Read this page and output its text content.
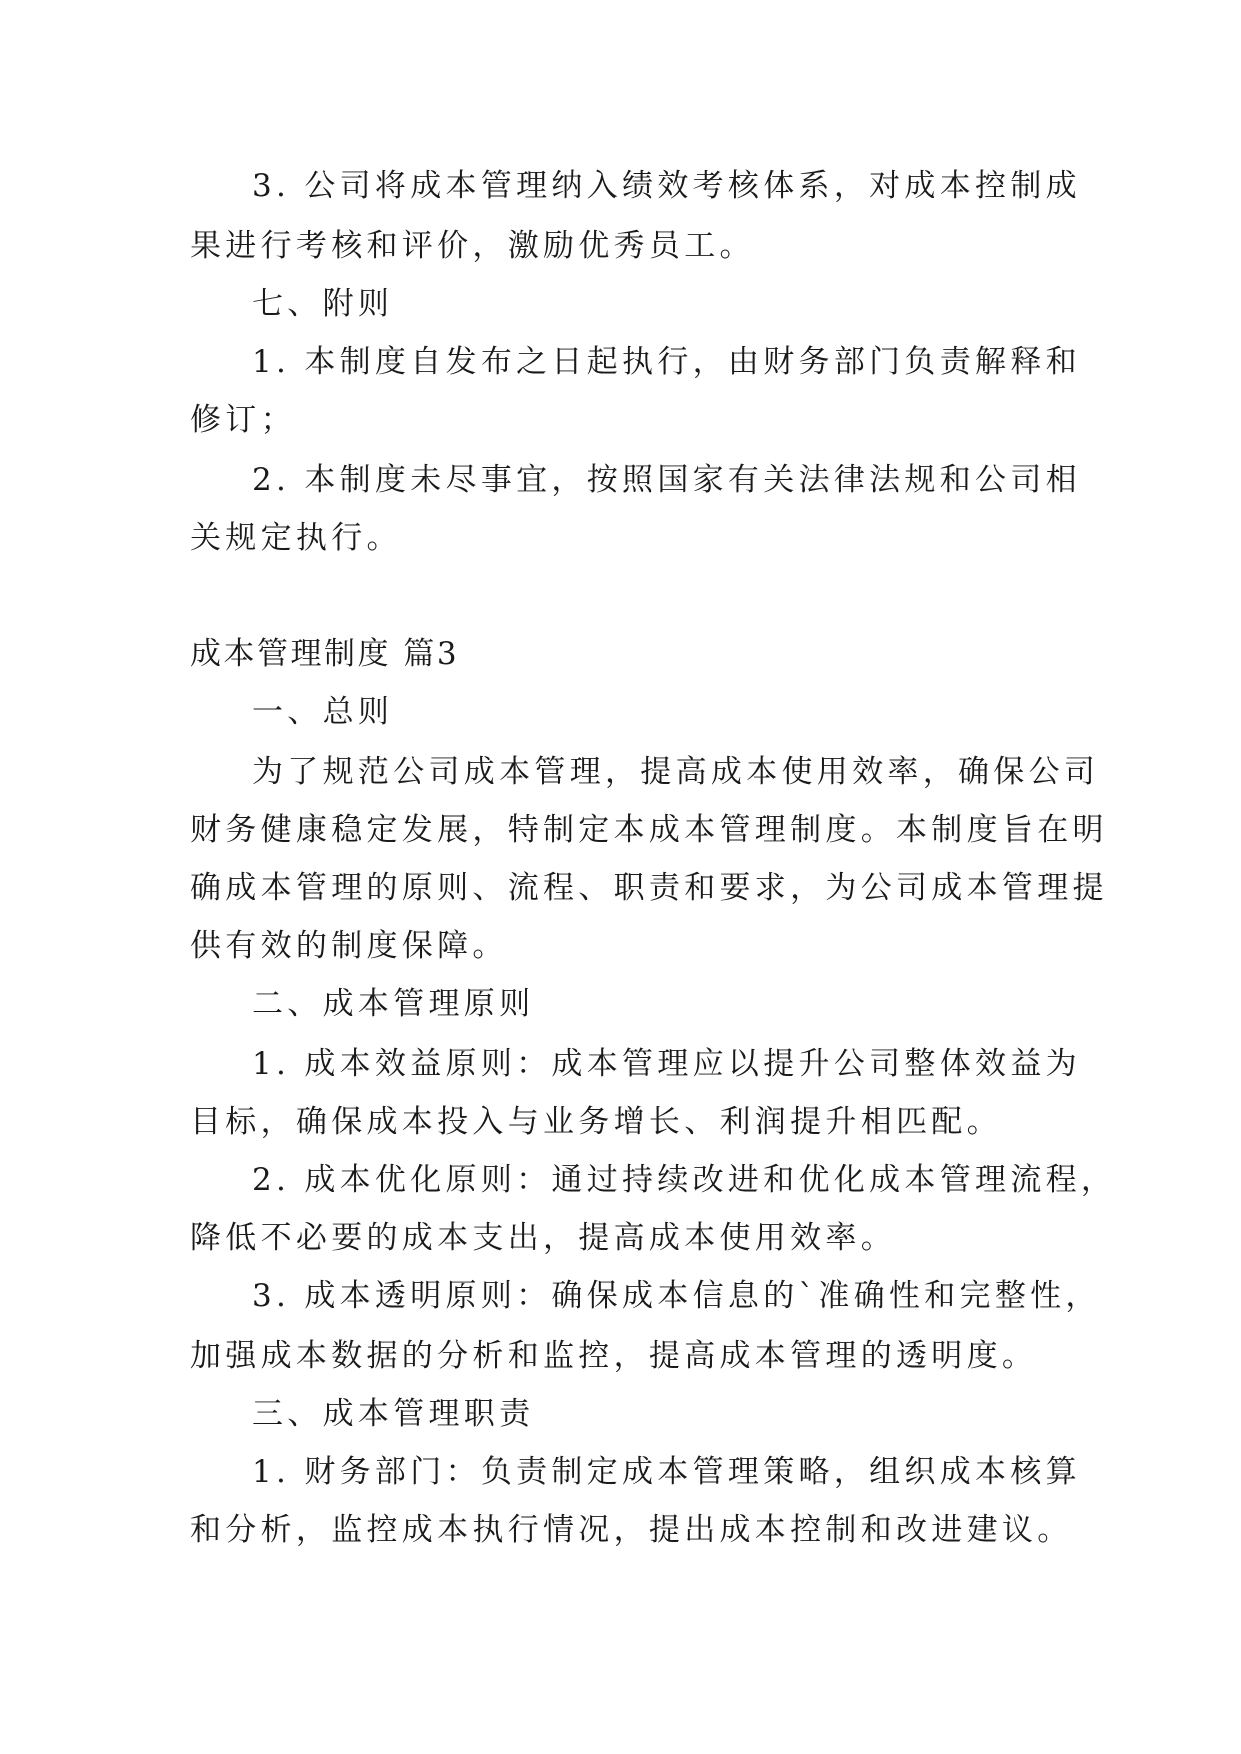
3. 公司将成本管理纳入绩效考核体系，对成本控制成
果进行考核和评价，激励优秀员工。
七、附则
1. 本制度自发布之日起执行，由财务部门负责解释和
修订；
2. 本制度未尽事宜，按照国家有关法律法规和公司相
关规定执行。
成本管理制度 篇3
一、总则
为了规范公司成本管理，提高成本使用效率，确保公司
财务健康稳定发展，特制定本成本管理制度。本制度旨在明
确成本管理的原则、流程、职责和要求，为公司成本管理提
供有效的制度保障。
二、成本管理原则
1. 成本效益原则：成本管理应以提升公司整体效益为
目标，确保成本投入与业务增长、利润提升相匹配。
2. 成本优化原则：通过持续改进和优化成本管理流程，
降低不必要的成本支出，提高成本使用效率。
3. 成本透明原则：确保成本信息的`准确性和完整性，
加强成本数据的分析和监控，提高成本管理的透明度。
三、成本管理职责
1. 财务部门：负责制定成本管理策略，组织成本核算
和分析，监控成本执行情况，提出成本控制和改进建议。
